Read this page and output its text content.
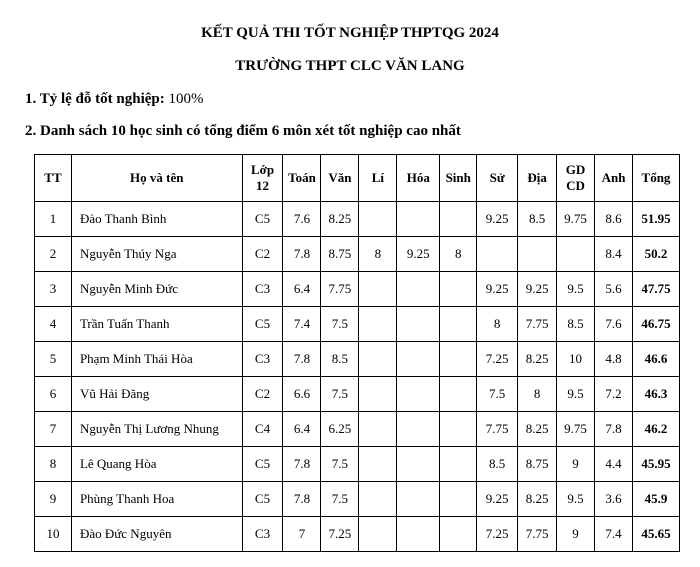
KẾT QUẢ THI TỐT NGHIỆP THPTQG 2024
TRƯỜNG THPT CLC VĂN LANG
1. Tỷ lệ đỗ tốt nghiệp: 100%
2. Danh sách 10 học sinh có tổng điểm 6 môn xét tốt nghiệp cao nhất
TT	Họ và tên	Lớp 12	Toán	Văn	Lí	Hóa	Sinh	Sử	Địa	GD CD	Anh	Tổng
1	Đào Thanh Bình	C5	7.6	8.25				9.25	8.5	9.75	8.6	51.95
2	Nguyễn Thúy Nga	C2	7.8	8.75	8	9.25	8				8.4	50.2
3	Nguyễn Minh Đức	C3	6.4	7.75				9.25	9.25	9.5	5.6	47.75
4	Trần Tuấn Thanh	C5	7.4	7.5				8	7.75	8.5	7.6	46.75
5	Phạm Minh Thái Hòa	C3	7.8	8.5				7.25	8.25	10	4.8	46.6
6	Vũ Hải Đăng	C2	6.6	7.5				7.5	8	9.5	7.2	46.3
7	Nguyễn Thị Lương Nhung	C4	6.4	6.25				7.75	8.25	9.75	7.8	46.2
8	Lê Quang Hòa	C5	7.8	7.5				8.5	8.75	9	4.4	45.95
9	Phùng Thanh Hoa	C5	7.8	7.5				9.25	8.25	9.5	3.6	45.9
10	Đào Đức Nguyên	C3	7	7.25				7.25	7.75	9	7.4	45.65
